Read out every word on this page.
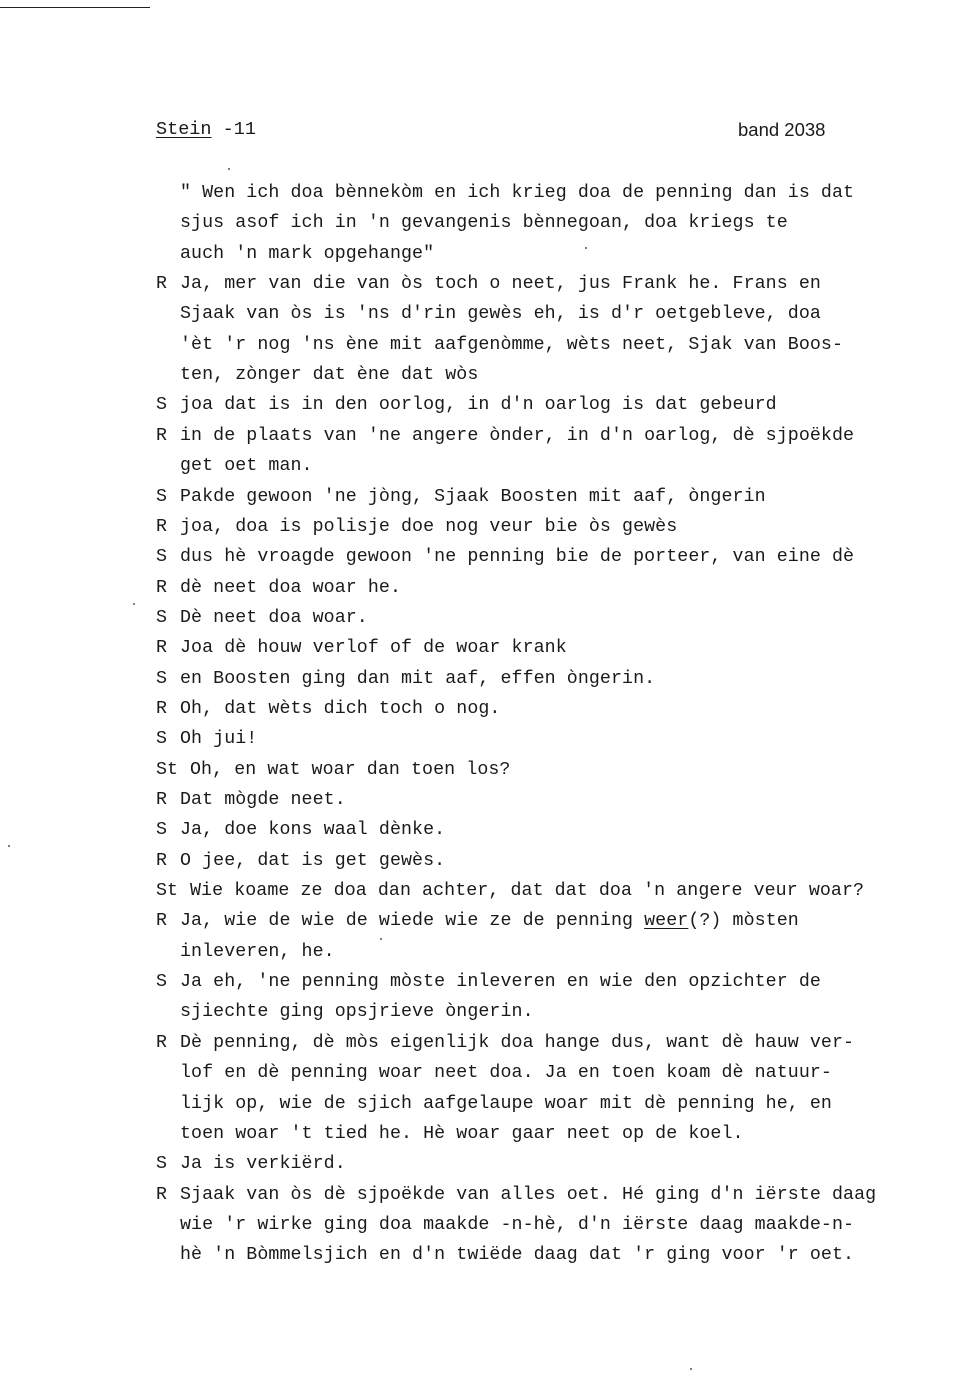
Stein -11	band 2038
" Wen ich doa bènnekòm en ich krieg doa de penning dan is dat
sjus asof ich in 'n gevangenis bènnegoan, doa kriegs te
auch 'n mark opgehange"
R Ja, mer van die van òs toch o neet, jus Frank he. Frans en
Sjaak van òs is 'ns d'rin gewès eh, is d'r oetgebleve, doa
'èt 'r nog 'ns ène mit aafgenòmme, wèts neet, Sjak van Boos-
ten, zònger dat ène dat wòs
S joa dat is in den oorlog, in d'n oarlog is dat gebeurd
R in de plaats van 'ne angere ònder, in d'n oarlog, dè sjpoëkde
get oet man.
S Pakde gewoon 'ne jòng, Sjaak Boosten mit aaf, òngerin
R joa, doa is polisje doe nog veur bie òs gewès
S dus hè vroagde gewoon 'ne penning bie de porteer, van eine dè
R dè neet doa woar he.
S Dè neet doa woar.
R Joa dè houw verlof of de woar krank
S en Boosten ging dan mit aaf, effen òngerin.
R Oh, dat wèts dich toch o nog.
S Oh jui!
St Oh, en wat woar dan toen los?
R Dat mògde neet.
S Ja, doe kons waal dènke.
R O jee, dat is get gewès.
St Wie koame ze doa dan achter, dat dat doa 'n angere veur woar?
R Ja, wie de wie de wiede wie ze de penning weer(?) mòsten
inleveren, he.
S Ja eh, 'ne penning mòste inleveren en wie den opzichter de
sjiechte ging opsjrieve òngerin.
R Dè penning, dè mòs eigenlijk doa hange dus, want dè hauw ver-
lof en dè penning woar neet doa. Ja en toen koam dè natuur-
lijk op, wie de sjich aafgelaupe woar mit dè penning he, en
toen woar 't tied he. Hè woar gaar neet op de koel.
S Ja is verkiërd.
R Sjaak van òs dè sjpoëkde van alles oet. Hé ging d'n iërste daag
wie 'r wirke ging doa maakde -n-hè, d'n iërste daag maakde-n-
hè 'n Bòmmelsjich en d'n twiëde daag dat 'r ging voor 'r oet.
